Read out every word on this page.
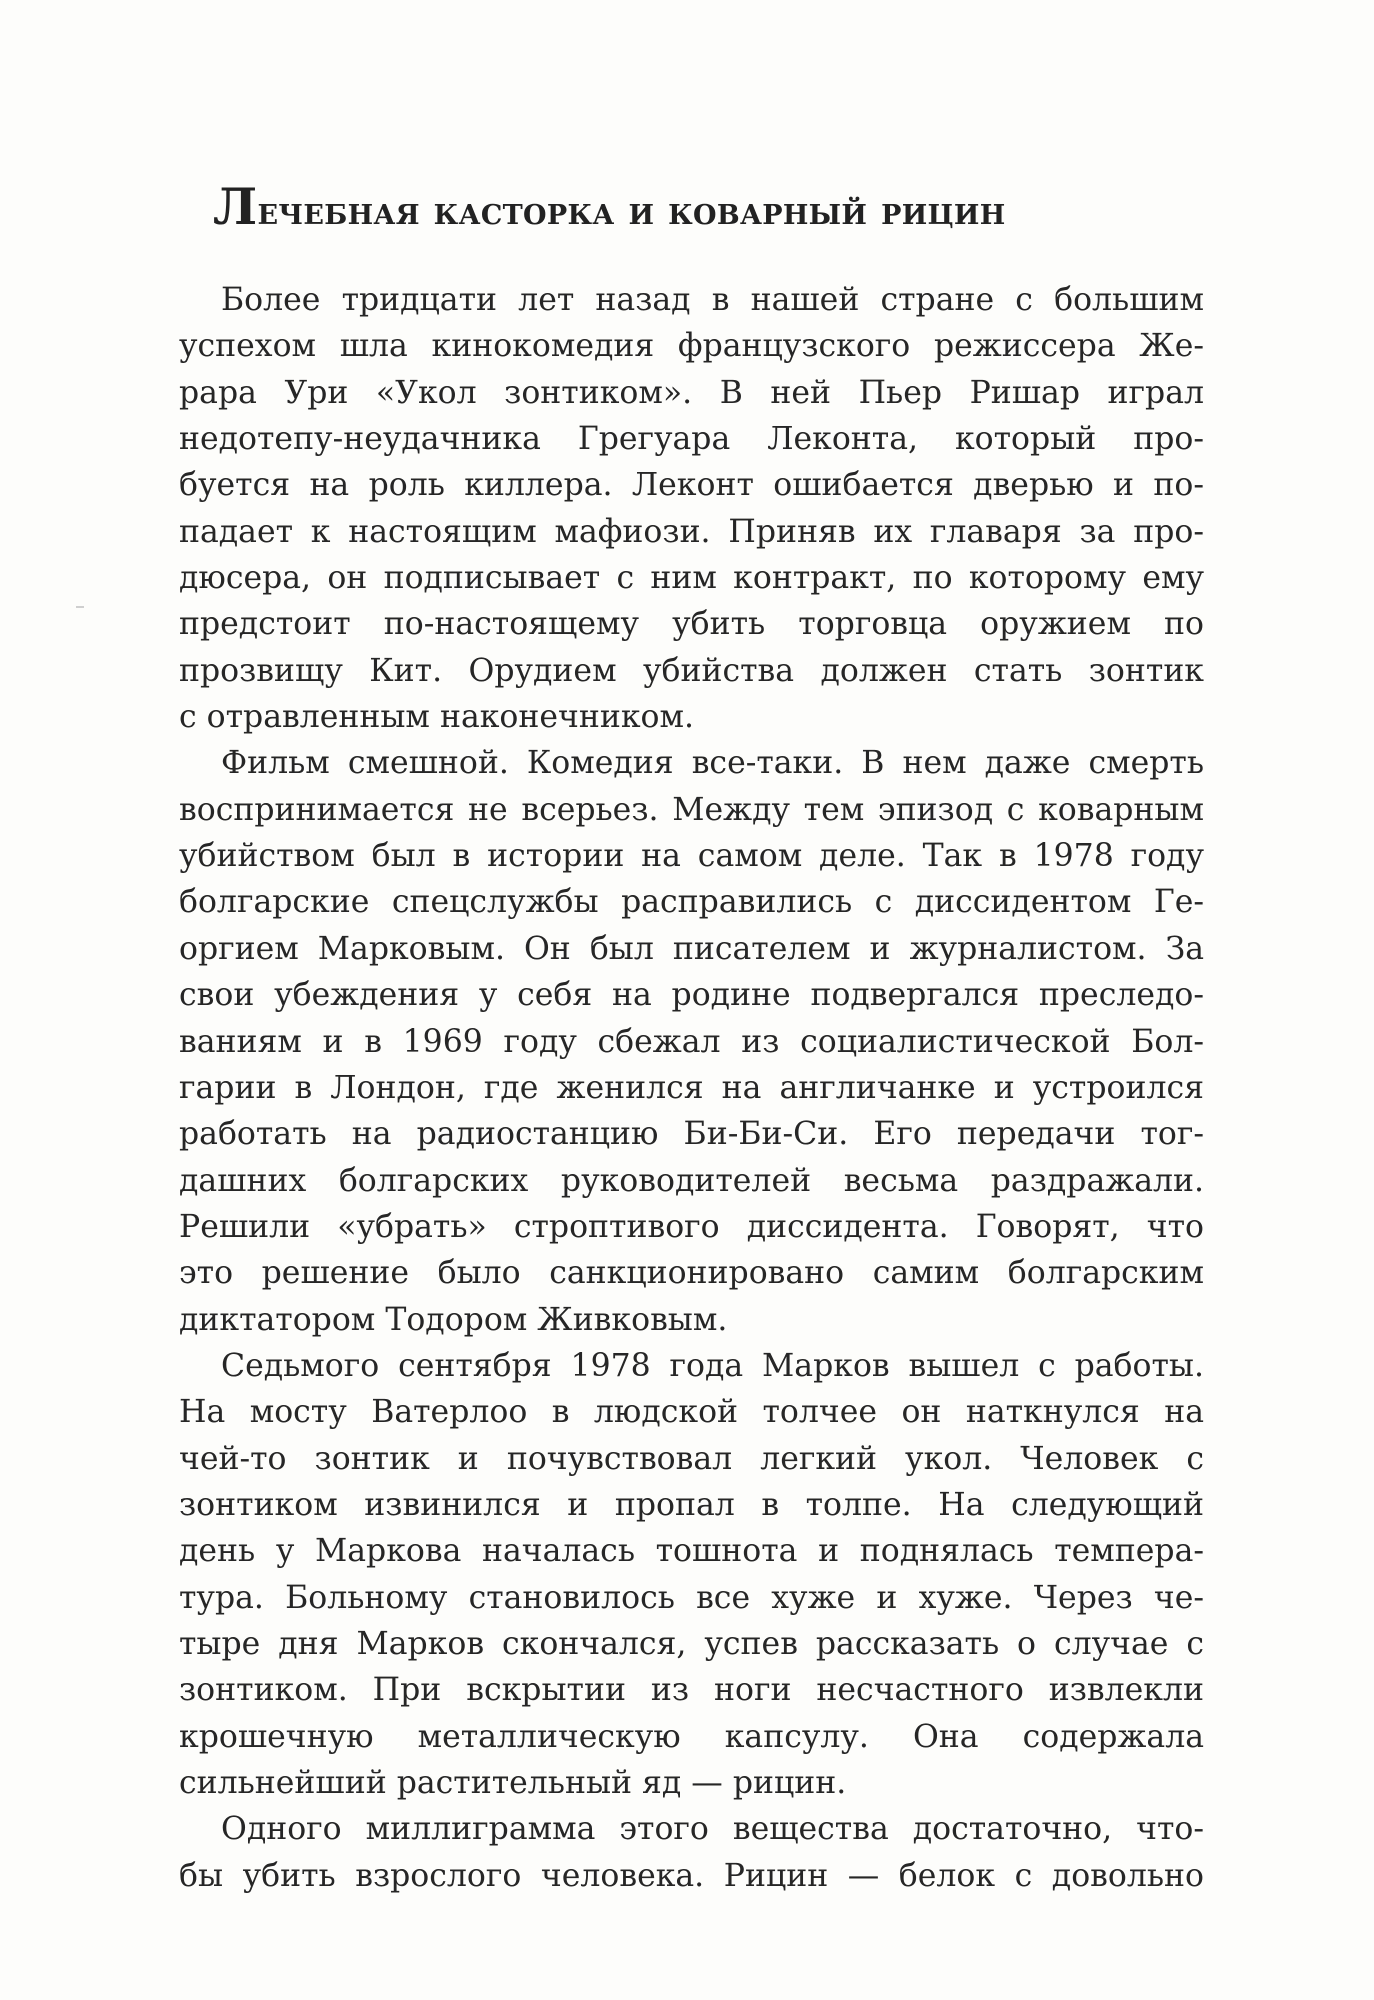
Лечебная касторка и коварный рицин
Более тридцати лет назад в нашей стране с большим
успехом шла кинокомедия французского режиссера Же-
рара Ури «Укол зонтиком». В ней Пьер Ришар играл
недотепу-неудачника Грегуара Леконта, который про-
буется на роль киллера. Леконт ошибается дверью и по-
падает к настоящим мафиози. Приняв их главаря за про-
дюсера, он подписывает с ним контракт, по которому ему
предстоит по-настоящему убить торговца оружием по
прозвищу Кит. Орудием убийства должен стать зонтик
с отравленным наконечником.
Фильм смешной. Комедия все-таки. В нем даже смерть
воспринимается не всерьез. Между тем эпизод с коварным
убийством был в истории на самом деле. Так в 1978 году
болгарские спецслужбы расправились с диссидентом Ге-
оргием Марковым. Он был писателем и журналистом. За
свои убеждения у себя на родине подвергался преследо-
ваниям и в 1969 году сбежал из социалистической Бол-
гарии в Лондон, где женился на англичанке и устроился
работать на радиостанцию Би-Би-Си. Его передачи тог-
дашних болгарских руководителей весьма раздражали.
Решили «убрать» строптивого диссидента. Говорят, что
это решение было санкционировано самим болгарским
диктатором Тодором Живковым.
Седьмого сентября 1978 года Марков вышел с работы.
На мосту Ватерлоо в людской толчее он наткнулся на
чей-то зонтик и почувствовал легкий укол. Человек с
зонтиком извинился и пропал в толпе. На следующий
день у Маркова началась тошнота и поднялась темпера-
тура. Больному становилось все хуже и хуже. Через че-
тыре дня Марков скончался, успев рассказать о случае с
зонтиком. При вскрытии из ноги несчастного извлекли
крошечную металлическую капсулу. Она содержала
сильнейший растительный яд — рицин.
Одного миллиграмма этого вещества достаточно, что-
бы убить взрослого человека. Рицин — белок с довольно
